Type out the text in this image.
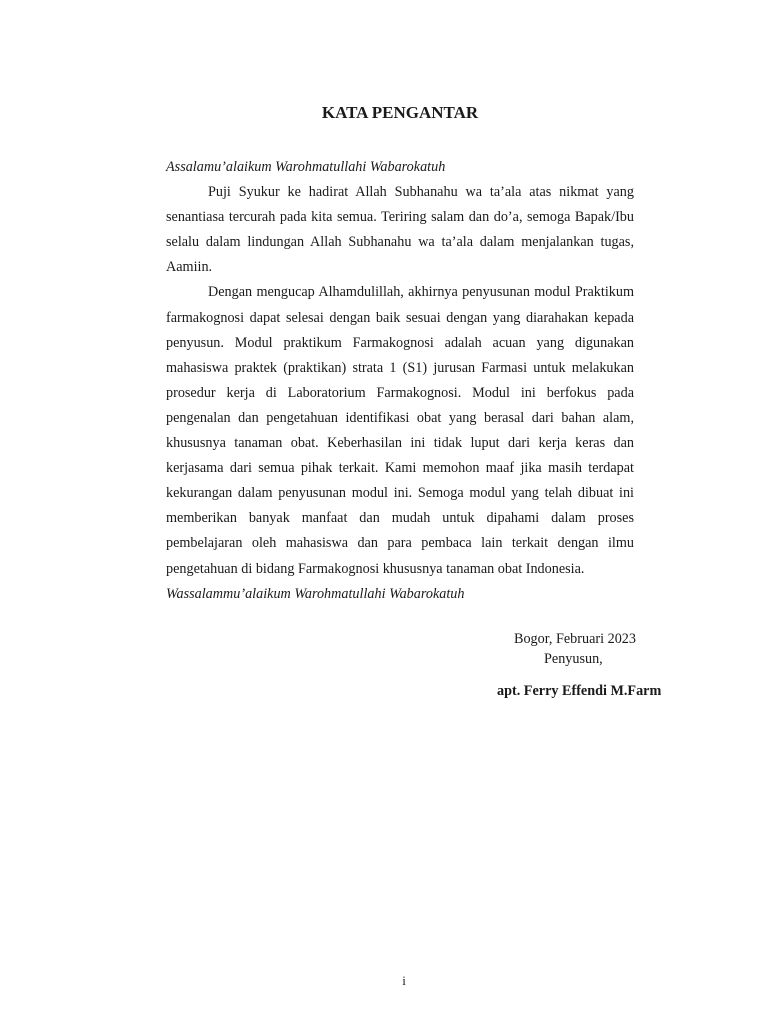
KATA PENGANTAR
Assalamu’alaikum Warohmatullahi Wabarokatuh

Puji Syukur ke hadirat Allah Subhanahu wa ta’ala atas nikmat yang senantiasa tercurah pada kita semua. Teriring salam dan do’a, semoga Bapak/Ibu selalu dalam lindungan Allah Subhanahu wa ta’ala dalam menjalankan tugas, Aamiin.

Dengan mengucap Alhamdulillah, akhirnya penyusunan modul Praktikum farmakognosi dapat selesai dengan baik sesuai dengan yang diarahakan kepada penyusun. Modul praktikum Farmakognosi adalah acuan yang digunakan mahasiswa praktek (praktikan) strata 1 (S1) jurusan Farmasi untuk melakukan prosedur kerja di Laboratorium Farmakognosi. Modul ini berfokus pada pengenalan dan pengetahuan identifikasi obat yang berasal dari bahan alam, khususnya tanaman obat. Keberhasilan ini tidak luput dari kerja keras dan kerjasama dari semua pihak terkait. Kami memohon maaf jika masih terdapat kekurangan dalam penyusunan modul ini. Semoga modul yang telah dibuat ini memberikan banyak manfaat dan mudah untuk dipahami dalam proses pembelajaran oleh mahasiswa dan para pembaca lain terkait dengan ilmu pengetahuan di bidang Farmakognosi khususnya tanaman obat Indonesia.

Wassalammu’alaikum Warohmatullahi Wabarokatuh
Bogor, Februari 2023
Penyusun,
apt. Ferry Effendi M.Farm
i
